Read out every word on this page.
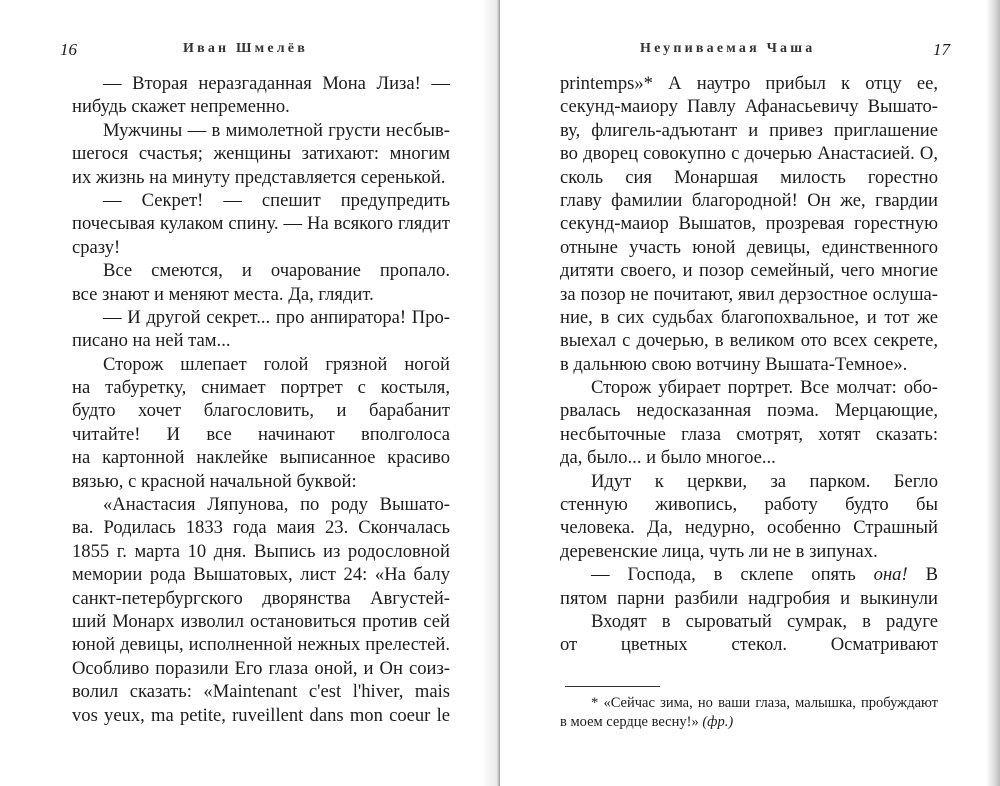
16	Иван Шмелёв
— Вторая неразгаданная Мона Лиза! —
нибудь скажет непременно.
Мужчины — в мимолетной грусти несбыв-
шегося счастья; женщины затихают: многим
их жизнь на минуту представляется серенькой.
— Секрет! — спешит предупредить
почесывая кулаком спину. — На всякого глядит
сразу!
Все смеются, и очарование пропало.
все знают и меняют места. Да, глядит.
— И другой секрет... про анпиратора! Про-
писано на ней там...
Сторож шлепает голой грязной ногой
на табуретку, снимает портрет с костыля,
будто хочет благословить, и барабанит
читайте! И все начинают вполголоса
на картонной наклейке выписанное красиво
вязью, с красной начальной буквой:
«Анастасия Ляпунова, по роду Вышато-
ва. Родилась 1833 года маия 23. Скончалась
1855 г. марта 10 дня. Выпись из родословной
мемории рода Вышатовых, лист 24: «На балу
санкт-петербургского дворянства Августей-
ший Монарх изволил остановиться против сей
юной девицы, исполненной нежных прелестей.
Особливо поразили Его глаза оной, и Он соиз-
волил сказать: «Maintenant c'est l'hiver, mais
vos yeux, ma petite, ruveillent dans mon coeur le
Неупиваемая Чаша	17
printemps»* А наутро прибыл к отцу ее,
секунд-маиору Павлу Афанасьевичу Вышато-
ву, флигель-адъютант и привез приглашение
во дворец совокупно с дочерью Анастасией. О,
сколь сия Монаршая милость горестно
главу фамилии благородной! Он же, гвардии
секунд-маиор Вышатов, прозревая горестную
отныне участь юной девицы, единственного
дитяти своего, и позор семейный, чего многие
за позор не почитают, явил дерзостное ослуша-
ние, в сих судьбах благопохвальное, и тот же
выехал с дочерью, в великом ото всех секрете,
в дальнюю свою вотчину Вышата-Темное».
Сторож убирает портрет. Все молчат: обо-
рвалась недосказанная поэма. Мерцающие,
несбыточные глаза смотрят, хотят сказать:
да, было... и было многое...
Идут к церкви, за парком. Бегло
стенную живопись, работу будто бы
человека. Да, недурно, особенно Страшный
деревенские лица, чуть ли не в зипунах.
— Господа, в склепе опять она! В
пятом парни разбили надгробия и выкинули
Входят в сыроватый сумрак, в радуге
от цветных стекол. Осматривают
* «Сейчас зима, но ваши глаза, малышка, пробуждают
в моем сердце весну!» (фр.)
